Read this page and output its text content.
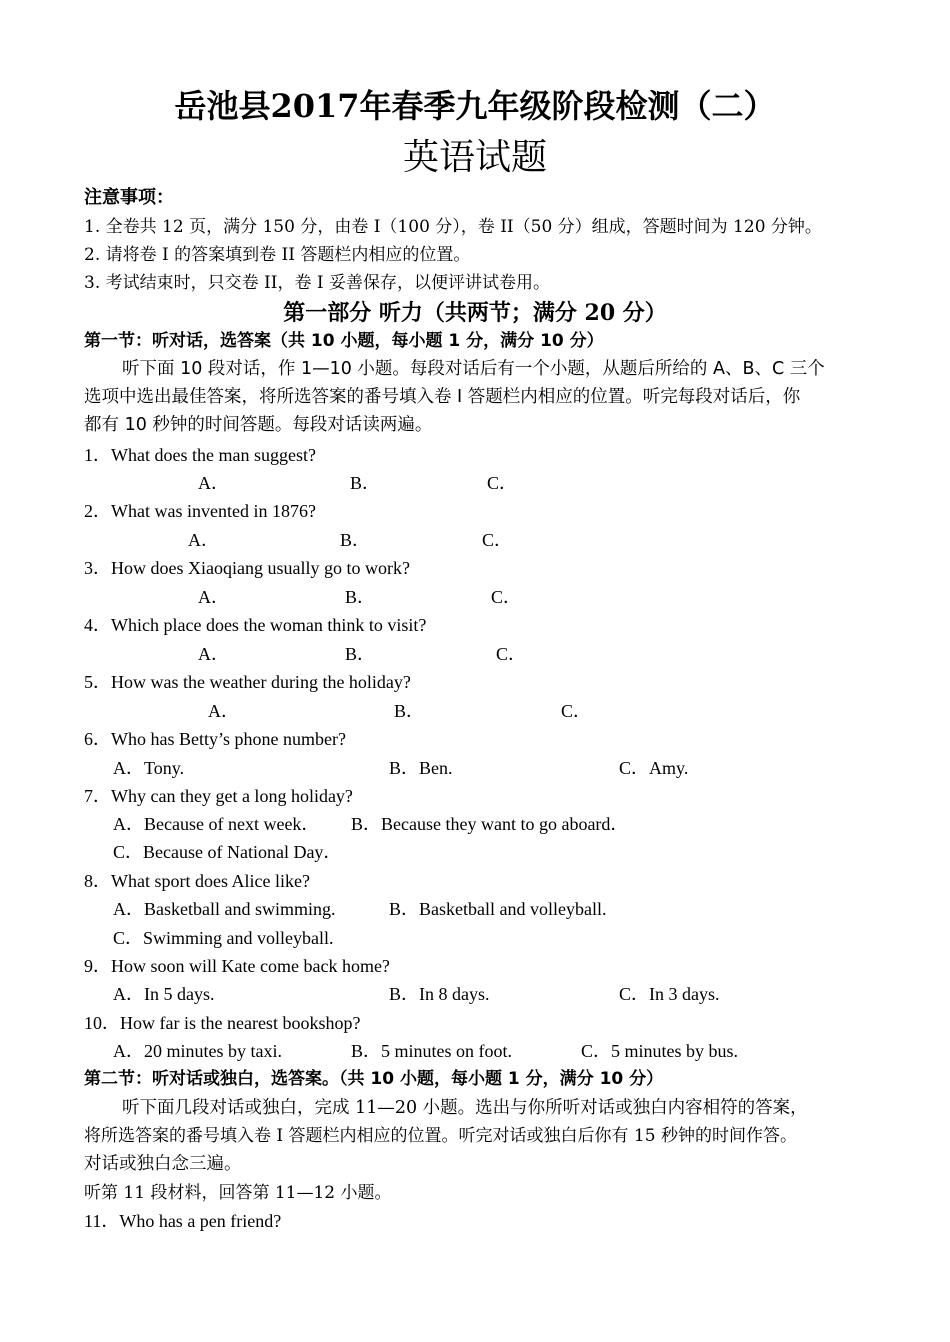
岳池县2017年春季九年级阶段检测（二）
英语试题
注意事项：
1. 全卷共 12 页，满分 150 分，由卷 I（100 分），卷 II（50 分）组成，答题时间为 120 分钟。
2. 请将卷 I 的答案填到卷 II 答题栏内相应的位置。
3. 考试结束时，只交卷 II，卷 I 妥善保存，以便评讲试卷用。
第一部分 听力（共两节；满分 20 分）
第一节：听对话，选答案（共 10 小题，每小题 1 分，满分 10 分）
听下面 10 段对话，作 1—10 小题。每段对话后有一个小题，从题后所给的 A、B、C 三个
选项中选出最佳答案，将所选答案的番号填入卷 I 答题栏内相应的位置。听完每段对话后，你
都有 10 秒钟的时间答题。每段对话读两遍。
1．What does the man suggest?
A．	B．	C．
2．What was invented in 1876?
A．	B．	C．
3．How does Xiaoqiang usually go to work?
A．	B．	C．
4．Which place does the woman think to visit?
A．	B．	C．
5．How was the weather during the holiday?
A．	B．	C．
6．Who has Betty’s phone number?
A．Tony.	B．Ben.	C．Amy.
7．Why can they get a long holiday?
A．Because of next week． B．Because they want to go aboard．
C．Because of National Day．
8．What sport does Alice like?
A．Basketball and swimming.	B．Basketball and volleyball.
C．Swimming and volleyball.
9．How soon will Kate come back home?
A．In 5 days.	B．In 8 days.	C．In 3 days.
10．How far is the nearest bookshop?
A．20 minutes by taxi.	B．5 minutes on foot.	C．5 minutes by bus.
第二节：听对话或独白，选答案。（共 10 小题，每小题 1 分，满分 10 分）
听下面几段对话或独白，完成 11—20 小题。选出与你所听对话或独白内容相符的答案，
将所选答案的番号填入卷 I 答题栏内相应的位置。听完对话或独白后你有 15 秒钟的时间作答。
对话或独白念三遍。
听第 11 段材料，回答第 11—12 小题。
11．Who has a pen friend?
